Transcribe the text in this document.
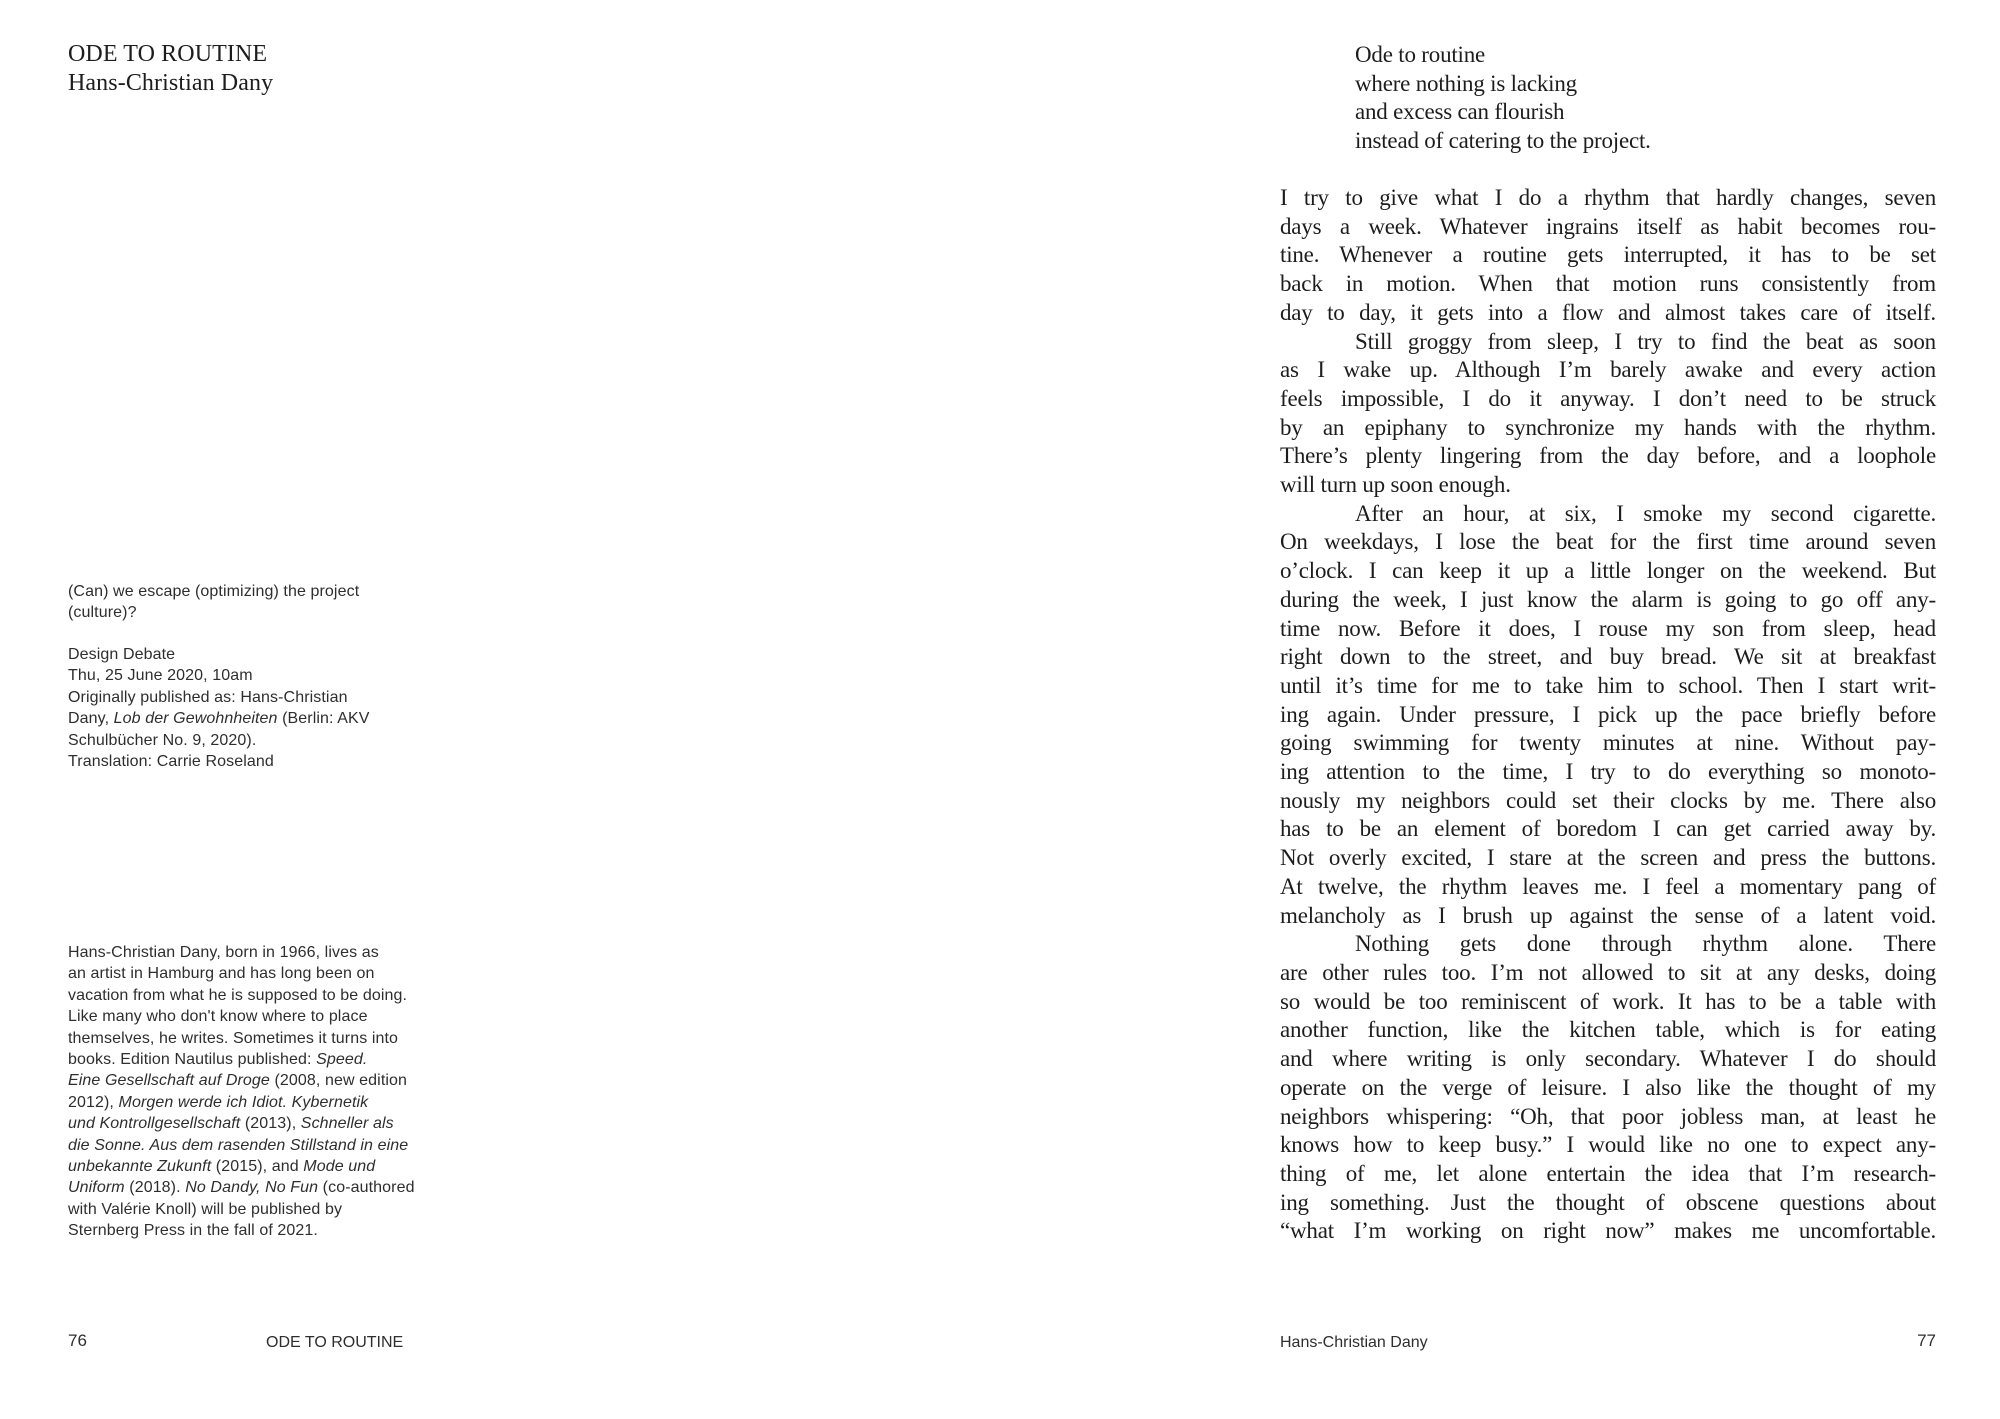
ODE TO ROUTINE
Hans-Christian Dany
(Can) we escape (optimizing) the project
(culture)?
Design Debate
Thu, 25 June 2020, 10am
Originally published as: Hans-Christian
Dany, Lob der Gewohnheiten (Berlin: AKV
Schulbücher No. 9, 2020).
Translation: Carrie Roseland
Hans-Christian Dany, born in 1966, lives as
an artist in Hamburg and has long been on
vacation from what he is supposed to be doing.
Like many who don't know where to place
themselves, he writes. Sometimes it turns into
books. Edition Nautilus published: Speed.
Eine Gesellschaft auf Droge (2008, new edition
2012), Morgen werde ich Idiot. Kybernetik
und Kontrollgesellschaft (2013), Schneller als
die Sonne. Aus dem rasenden Stillstand in eine
unbekannte Zukunft (2015), and Mode und
Uniform (2018). No Dandy, No Fun (co-authored
with Valérie Knoll) will be published by
Sternberg Press in the fall of 2021.
76	ODE TO ROUTINE
Ode to routine
where nothing is lacking
and excess can flourish
instead of catering to the project.
I try to give what I do a rhythm that hardly changes, seven
days a week. Whatever ingrains itself as habit becomes rou-
tine. Whenever a routine gets interrupted, it has to be set
back in motion. When that motion runs consistently from
day to day, it gets into a flow and almost takes care of itself.
Still groggy from sleep, I try to find the beat as soon
as I wake up. Although I’m barely awake and every action
feels impossible, I do it anyway. I don’t need to be struck
by an epiphany to synchronize my hands with the rhythm.
There’s plenty lingering from the day before, and a loophole
will turn up soon enough.
After an hour, at six, I smoke my second cigarette.
On weekdays, I lose the beat for the first time around seven
o’clock. I can keep it up a little longer on the weekend. But
during the week, I just know the alarm is going to go off any-
time now. Before it does, I rouse my son from sleep, head
right down to the street, and buy bread. We sit at breakfast
until it’s time for me to take him to school. Then I start writ-
ing again. Under pressure, I pick up the pace briefly before
going swimming for twenty minutes at nine. Without pay-
ing attention to the time, I try to do everything so monoto-
nously my neighbors could set their clocks by me. There also
has to be an element of boredom I can get carried away by.
Not overly excited, I stare at the screen and press the buttons.
At twelve, the rhythm leaves me. I feel a momentary pang of
melancholy as I brush up against the sense of a latent void.
Nothing gets done through rhythm alone. There
are other rules too. I’m not allowed to sit at any desks, doing
so would be too reminiscent of work. It has to be a table with
another function, like the kitchen table, which is for eating
and where writing is only secondary. Whatever I do should
operate on the verge of leisure. I also like the thought of my
neighbors whispering: “Oh, that poor jobless man, at least he
knows how to keep busy.” I would like no one to expect any-
thing of me, let alone entertain the idea that I’m research-
ing something. Just the thought of obscene questions about
“what I’m working on right now” makes me uncomfortable.
Hans-Christian Dany	77
